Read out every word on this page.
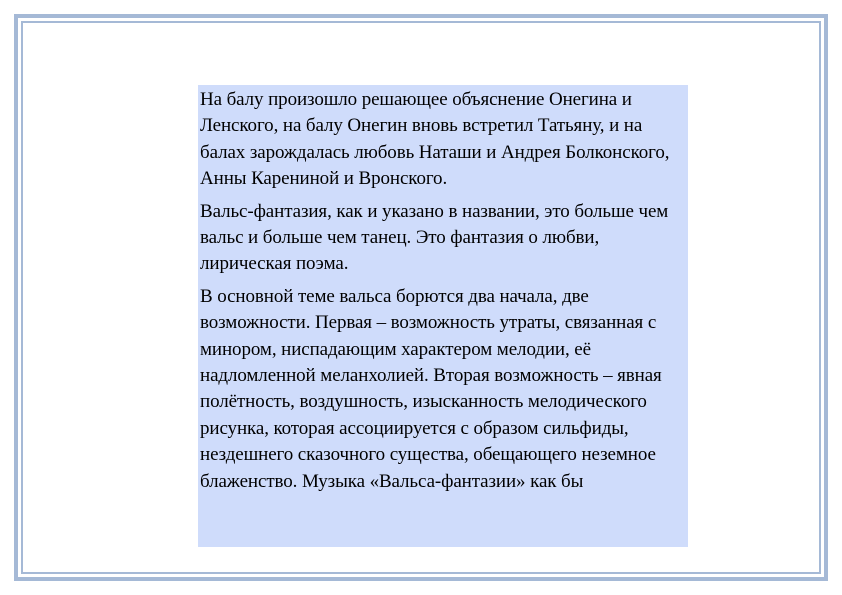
На балу произошло решающее объяснение Онегина и Ленского, на балу Онегин вновь встретил Татьяну, и на балах зарождалась любовь Наташи и Андрея Болконского, Анны Карениной и Вронского.

Вальс-фантазия, как и указано в названии, это больше чем вальс и больше чем танец. Это фантазия о любви, лирическая поэма.

В основной теме вальса борются два начала, две возможности. Первая – возможность утраты, связанная с минором, ниспадающим характером мелодии, её надломленной меланхолией. Вторая возможность – явная полётность, воздушность, изысканность мелодического рисунка, которая ассоциируется с образом сильфиды, нездешнего сказочного существа, обещающего неземное блаженство. Музыка «Вальса-фантазии» как бы
